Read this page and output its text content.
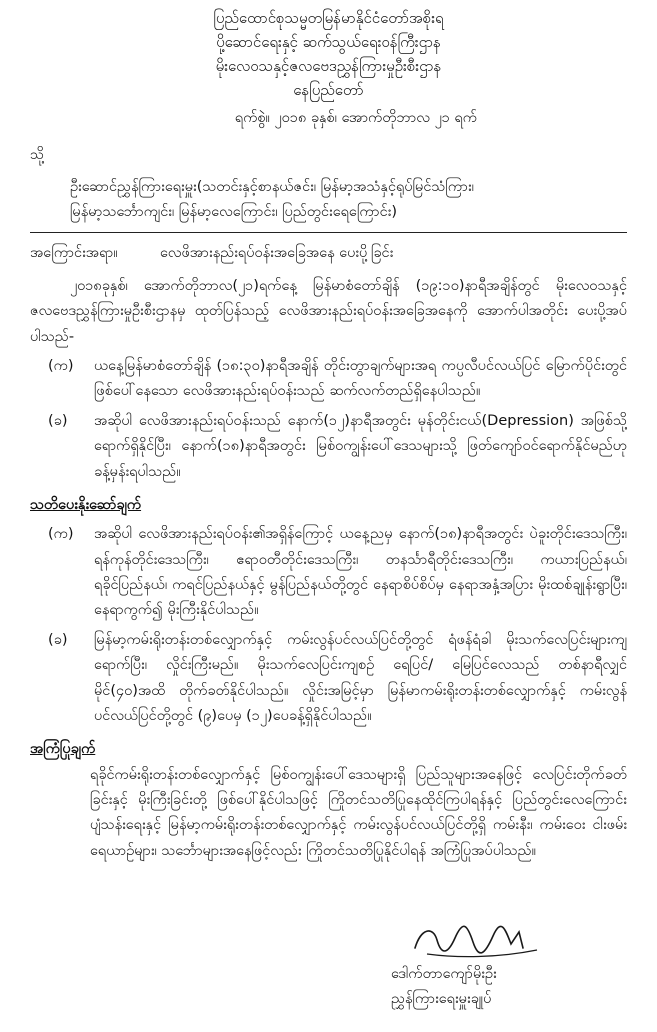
ပြည်ထောင်စုသမ္မတမြန်မာနိုင်ငံတော်အစိုးရ
ပို့ဆောင်ရေးနှင့် ဆက်သွယ်ရေးဝန်ကြီးဌာန
မိုးလေဝသနှင့်ဇလဗေဒညွှန်ကြားမှုဦးစီးဌာန
နေပြည်တော်
ရက်စွဲ။ ၂၀၁၈ ခုနှစ်၊ အောက်တိုဘာလ ၂၁ ရက်
သို့
ဦးဆောင်ညွှန်ကြားရေးမှူး(သတင်းနှင့်စာနယ်ဇင်း၊ မြန်မာ့အသံနှင့်ရုပ်မြင်သံကြား၊
မြန်မာ့သင်္ဘောကျင်း၊ မြန်မာ့လေကြောင်း၊ ပြည်တွင်းရေကြောင်း)
အကြောင်းအရာ။	လေဖိအားနည်းရပ်ဝန်းအခြေအနေ ပေးပို့ခြင်း

၂၀၁၈ခုနှစ်၊ အောက်တိုဘာလ(၂၁)ရက်နေ့ မြန်မာစံတော်ချိန် (၁၉:၁၀)နာရီအချိန်တွင် မိုးလေဝသနှင့် ဇလဗေဒညွှန်ကြားမှုဦးစီးဌာနမှ ထုတ်ပြန်သည့် လေဖိအားနည်းရပ်ဝန်းအခြေအနေကို အောက်ပါအတိုင်း ပေးပို့အပ်ပါသည်-

(က)	ယနေ့မြန်မာစံတော်ချိန် (၁၈:၃၀)နာရီအချိန် တိုင်းတွာချက်များအရ ကပ္ပလီပင်လယ်ပြင် မြောက်ပိုင်းတွင် ဖြစ်ပေါ်နေသော လေဖိအားနည်းရပ်ဝန်းသည် ဆက်လက်တည်ရှိနေပါသည်။
(ခ)	အဆိုပါ လေဖိအားနည်းရပ်ဝန်းသည် နောက်(၁၂)နာရီအတွင်း မုန်တိုင်းငယ်(Depression) အဖြစ်သို့ ရောက်ရှိနိုင်ပြီး၊ နောက်(၁၈)နာရီအတွင်း မြစ်ဝကျွန်းပေါ်ဒေသများသို့ ဖြတ်ကျော်ဝင်ရောက်နိုင်မည်ဟု ခန့်မှန်းရပါသည်။
သတိပေးနိုးဆော်ချက်
(က)	အဆိုပါ လေဖိအားနည်းရပ်ဝန်း၏အရှိန်ကြောင့် ယနေ့ညမှ နောက်(၁၈)နာရီအတွင်း ပဲခူးတိုင်းဒေသကြီး၊ ရန်ကုန်တိုင်းဒေသကြီး၊ ဧရာဝတီတိုင်းဒေသကြီး၊ တနင်္သာရီတိုင်းဒေသကြီး၊ ကယားပြည်နယ်၊ ရခိုင်ပြည်နယ်၊ ကရင်ပြည်နယ်နှင့် မွန်ပြည်နယ်တို့တွင် နေရာစိပ်စိပ်မှ နေရာအနှံ့အပြား မိုးထစ်ချုန်းရွာပြီး၊ နေရာကွက်၍ မိုးကြီးနိုင်ပါသည်။
(ခ)	မြန်မာ့ကမ်းရိုးတန်းတစ်လျှောက်နှင့် ကမ်းလွန်ပင်လယ်ပြင်တို့တွင် ရံဖန်ရံခါ မိုးသက်လေပြင်းများကျရောက်ပြီး၊ လှိုင်းကြီးမည်။ မိုးသက်လေပြင်းကျစဉ် ရေပြင်/ မြေပြင်လေသည် တစ်နာရီလျှင် မိုင်(၄၀)အထိ တိုက်ခတ်နိုင်ပါသည်။ လှိုင်းအမြင့်မှာ မြန်မာကမ်းရိုးတန်းတစ်လျှောက်နှင့် ကမ်းလွန်ပင်လယ်ပြင်တို့တွင် (၉)ပေမှ (၁၂)ပေခန့်ရှိနိုင်ပါသည်။
အကြံပြုချက်
ရခိုင်ကမ်းရိုးတန်းတစ်လျှောက်နှင့် မြစ်ဝကျွန်းပေါ်ဒေသများရှိ ပြည်သူများအနေဖြင့် လေပြင်းတိုက်ခတ်ခြင်းနှင့် မိုးကြီးခြင်းတို့ ဖြစ်ပေါ်နိုင်ပါသဖြင့် ကြိုတင်သတိပြုနေထိုင်ကြပါရန်နှင့် ပြည်တွင်းလေကြောင်းပျံသန်းရေးနှင့် မြန်မာ့ကမ်းရိုးတန်းတစ်လျှောက်နှင့် ကမ်းလွန်ပင်လယ်ပြင်တို့ရှိ ကမ်းနီး၊ ကမ်းဝေး ငါးဖမ်းရေယာဉ်များ၊ သင်္ဘောများအနေဖြင့်လည်း ကြိုတင်သတိပြုနိုင်ပါရန် အကြံပြုအပ်ပါသည်။
ဒေါက်တာကျော်မိုးဦး
ညွှန်ကြားရေးမှူးချုပ်
